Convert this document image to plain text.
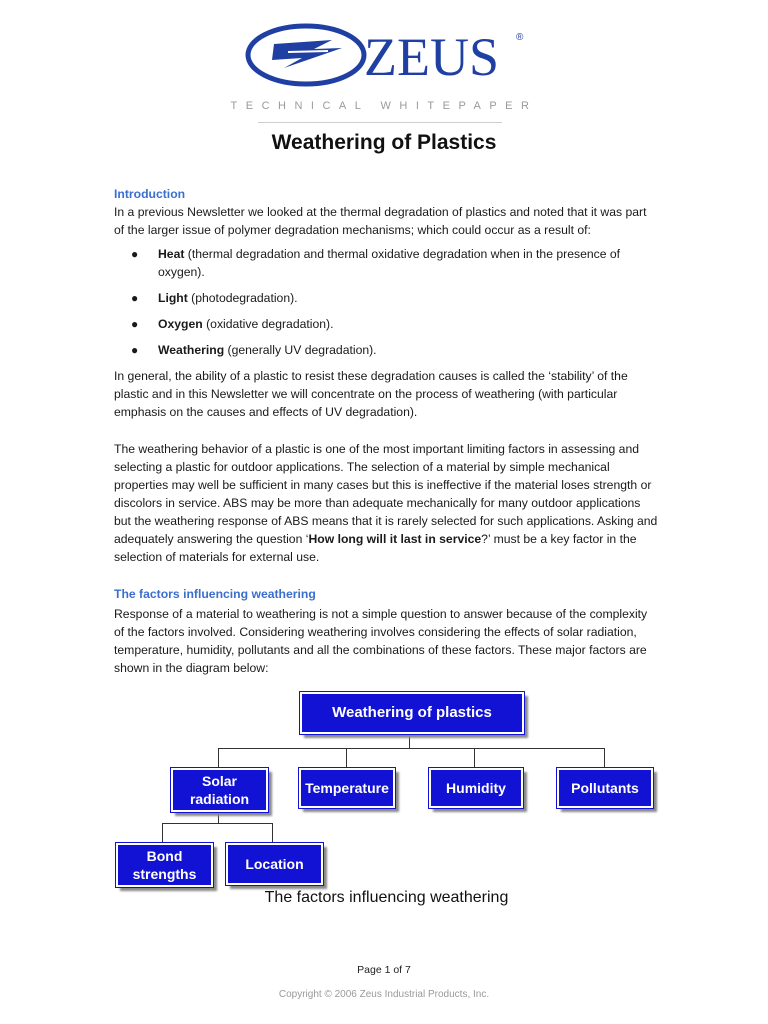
ZEUS ®
TECHNICAL WHITEPAPER
Weathering of Plastics
Introduction

In a previous Newsletter we looked at the thermal degradation of plastics and noted that it was part of the larger issue of polymer degradation mechanisms; which could occur as a result of:

● Heat (thermal degradation and thermal oxidative degradation when in the presence of oxygen).
● Light (photodegradation).
● Oxygen (oxidative degradation).
● Weathering (generally UV degradation).

In general, the ability of a plastic to resist these degradation causes is called the ‘stability’ of the plastic and in this Newsletter we will concentrate on the process of weathering (with particular emphasis on the causes and effects of UV degradation).

The weathering behavior of a plastic is one of the most important limiting factors in assessing and selecting a plastic for outdoor applications. The selection of a material by simple mechanical properties may well be sufficient in many cases but this is ineffective if the material loses strength or discolors in service. ABS may be more than adequate mechanically for many outdoor applications but the weathering response of ABS means that it is rarely selected for such applications. Asking and adequately answering the question ‘How long will it last in service?’ must be a key factor in the selection of materials for external use.

The factors influencing weathering

Response of a material to weathering is not a simple question to answer because of the complexity of the factors involved. Considering weathering involves considering the effects of solar radiation, temperature, humidity, pollutants and all the combinations of these factors. These major factors are shown in the diagram below:

Weathering of plastics
Solar radiation
Temperature	Humidity	Pollutants
Bond strengths
Location
The factors influencing weathering
Page 1 of 7
Copyright © 2006 Zeus Industrial Products, Inc.
